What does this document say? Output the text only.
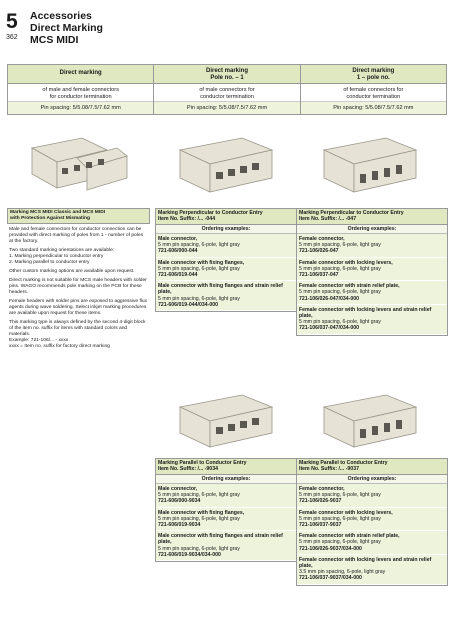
5
362
Accessories
Direct Marking
MCS MIDI
Direct marking
of male and female connectors
for conductor termination
Pin spacing: 5/5.08/7.5/7.62 mm
Direct marking
Pole no. – 1
of male connectors for
conductor termination
Pin spacing: 5/5.08/7.5/7.62 mm
Direct marking
1 – pole no.
of female connectors for
conductor termination
Pin spacing: 5/5.08/7.5/7.62 mm
Marking MCS MIDI Classic and MCS MIDI
with Protection Against Mismating

Male and female connectors for conductor connection can be provided with direct marking of poles from 1 - number of poles at the factory.

Two standard marking orientations are available:
1. Marking perpendicular to conductor entry
2. Marking parallel to conductor entry

Other custom marking options are available upon request.

Direct marking is not suitable for MCS male headers with solder pins. WAGO recommends pole marking on the PCB for these headers.

Female headers with solder pins are exposed to aggressive flux agents during wave soldering. Select inkjet marking procedures are available upon request for these items.

This marking type is always defined by the second 4-digit block of the item no. suffix for items with standard colors and materials.
Example: 721-106/... - xxxx
xxxx = Item no. suffix for factory direct marking

Marking Perpendicular to Conductor Entry
Item No. Suffix: /... -044
Ordering examples:
Male connector,
5 mm pin spacing, 6-pole, light gray
721-606/000-044
Male connector with fixing flanges,
5 mm pin spacing, 6-pole, light gray
721-606/019-044
Male connector with fixing flanges and strain relief plate,
5 mm pin spacing, 6-pole, light gray
721-606/019-044/034-000
Marking Perpendicular to Conductor Entry
Item No. Suffix: /... -047
Ordering examples:
Female connector,
5 mm pin spacing, 6-pole, light gray
721-106/026-047
Female connector with locking levers,
5 mm pin spacing, 6-pole, light gray
721-106/037-047
Female connector with strain relief plate,
5 mm pin spacing, 6-pole, light gray
721-106/026-047/034-000
Female connector with locking levers and strain relief plate,
5 mm pin spacing, 6-pole, light gray
721-106/037-047/034-000
Marking Parallel to Conductor Entry
Item No. Suffix: /... -9034
Ordering examples:
Male connector,
5 mm pin spacing, 6-pole, light gray
721-606/000-9034
Male connector with fixing flanges,
5 mm pin spacing, 6-pole, light gray
721-606/019-9034
Male connector with fixing flanges and strain relief plate,
5 mm pin spacing, 6-pole, light gray
721-606/019-9034/034-000
Marking Parallel to Conductor Entry
Item No. Suffix: /... -9037
Ordering examples:
Female connector,
5 mm pin spacing, 6-pole, light gray
721-106/026-9037
Female connector with locking levers,
5 mm pin spacing, 6-pole, light gray
721-106/037-9037
Female connector with strain relief plate,
5 mm pin spacing, 6-pole, light gray
721-106/026-9037/034-000
Female connector with locking levers and strain relief plate,
3.5 mm pin spacing, 6-pole, light gray
721-106/037-9037/034-000
